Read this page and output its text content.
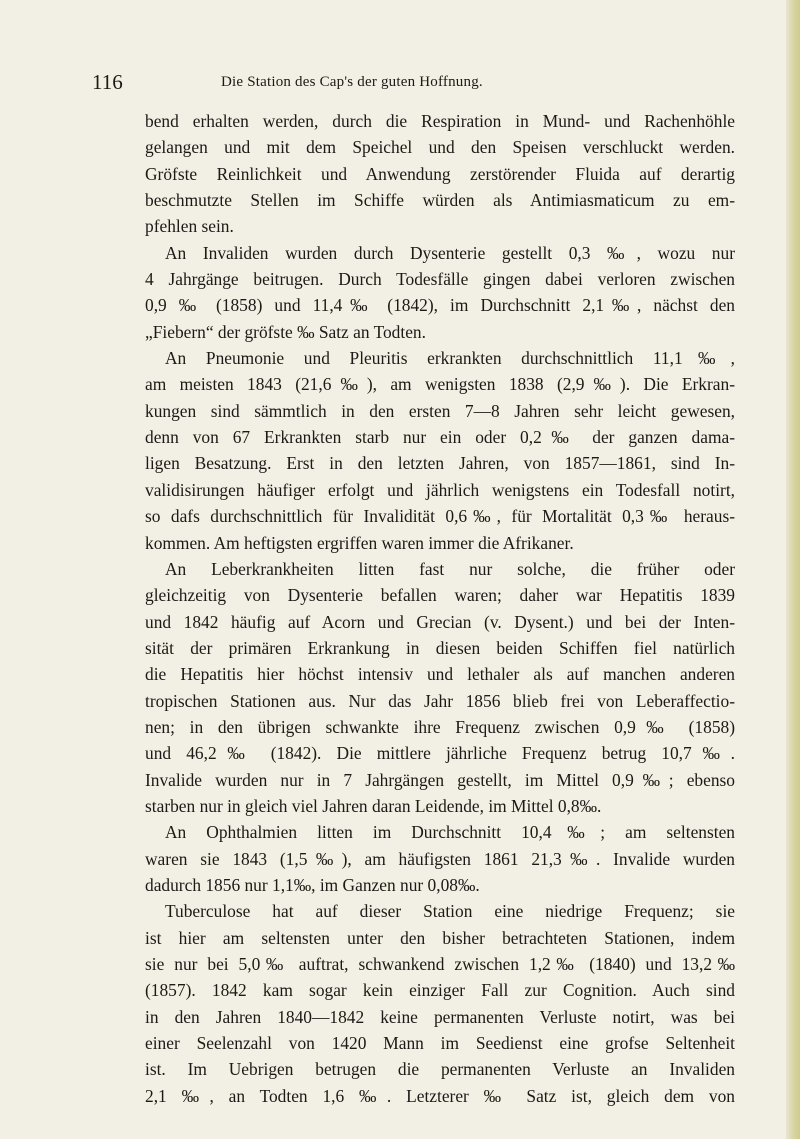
116	Die Station des Cap's der guten Hoffnung.
bend erhalten werden, durch die Respiration in Mund- und Rachenhöhle
gelangen und mit dem Speichel und den Speisen verschluckt werden.
Gröfste Reinlichkeit und Anwendung zerstörender Fluida auf derartig
beschmutzte Stellen im Schiffe würden als Antimiasmaticum zu em-
pfehlen sein.
An Invaliden wurden durch Dysenterie gestellt 0,3 ‰, wozu nur
4 Jahrgänge beitrugen. Durch Todesfälle gingen dabei verloren zwischen
0,9 ‰ (1858) und 11,4‰ (1842), im Durchschnitt 2,1‰, nächst den
„Fiebern“ der gröfste ‰ Satz an Todten.
An Pneumonie und Pleuritis erkrankten durchschnittlich 11,1‰,
am meisten 1843 (21,6‰), am wenigsten 1838 (2,9‰). Die Erkran-
kungen sind sämmtlich in den ersten 7—8 Jahren sehr leicht gewesen,
denn von 67 Erkrankten starb nur ein oder 0,2‰ der ganzen dama-
ligen Besatzung. Erst in den letzten Jahren, von 1857—1861, sind In-
validisirungen häufiger erfolgt und jährlich wenigstens ein Todesfall notirt,
so dafs durchschnittlich für Invalidität 0,6‰, für Mortalität 0,3‰ heraus-
kommen. Am heftigsten ergriffen waren immer die Afrikaner.
An Leberkrankheiten litten fast nur solche, die früher oder
gleichzeitig von Dysenterie befallen waren; daher war Hepatitis 1839
und 1842 häufig auf Acorn und Grecian (v. Dysent.) und bei der Inten-
sität der primären Erkrankung in diesen beiden Schiffen fiel natürlich
die Hepatitis hier höchst intensiv und lethaler als auf manchen anderen
tropischen Stationen aus. Nur das Jahr 1856 blieb frei von Leberaffectio-
nen; in den übrigen schwankte ihre Frequenz zwischen 0,9‰ (1858)
und 46,2‰ (1842). Die mittlere jährliche Frequenz betrug 10,7‰.
Invalide wurden nur in 7 Jahrgängen gestellt, im Mittel 0,9‰; ebenso
starben nur in gleich viel Jahren daran Leidende, im Mittel 0,8‰.
An Ophthalmien litten im Durchschnitt 10,4‰; am seltensten
waren sie 1843 (1,5‰), am häufigsten 1861 21,3‰. Invalide wurden
dadurch 1856 nur 1,1‰, im Ganzen nur 0,08‰.
Tuberculose hat auf dieser Station eine niedrige Frequenz; sie
ist hier am seltensten unter den bisher betrachteten Stationen, indem
sie nur bei 5,0‰ auftrat, schwankend zwischen 1,2‰ (1840) und 13,2‰
(1857). 1842 kam sogar kein einziger Fall zur Cognition. Auch sind
in den Jahren 1840—1842 keine permanenten Verluste notirt, was bei
einer Seelenzahl von 1420 Mann im Seedienst eine grofse Seltenheit
ist. Im Uebrigen betrugen die permanenten Verluste an Invaliden
2,1 ‰, an Todten 1,6 ‰. Letzterer ‰ Satz ist, gleich dem von
